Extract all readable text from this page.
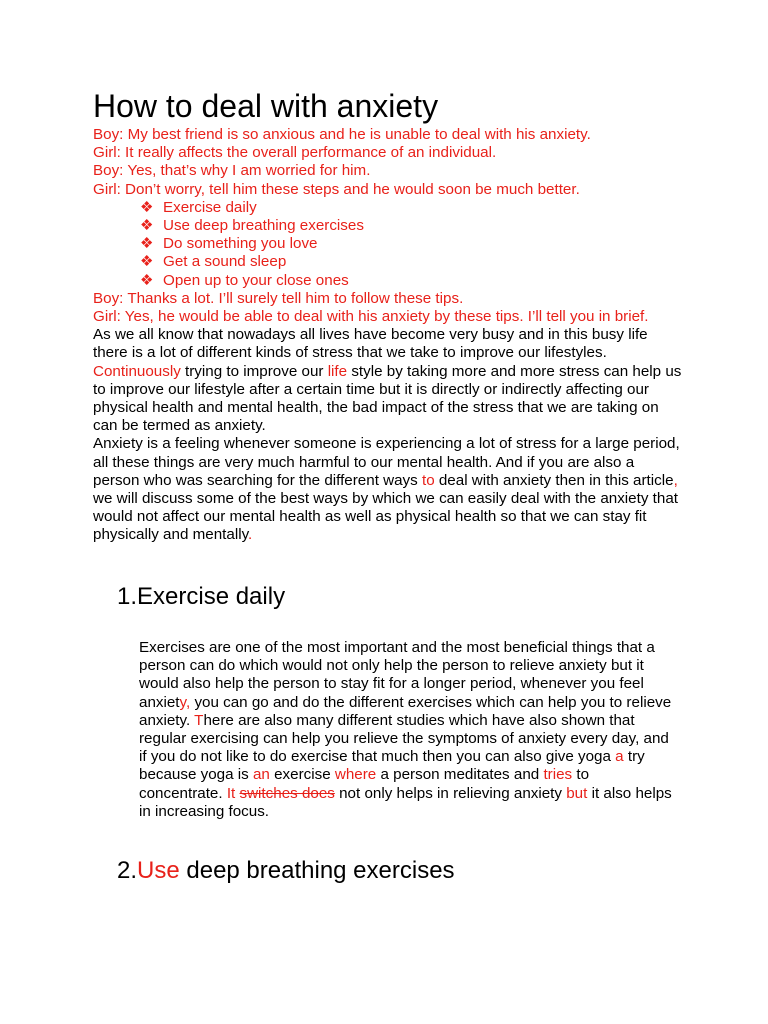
How to deal with anxiety
Boy: My best friend is so anxious and he is unable to deal with his anxiety.
Girl: It really affects the overall performance of an individual.
Boy: Yes, that’s why I am worried for him.
Girl: Don’t worry, tell him these steps and he would soon be much better.
❖ Exercise daily
❖ Use deep breathing exercises
❖ Do something you love
❖ Get a sound sleep
❖ Open up to your close ones
Boy: Thanks a lot. I’ll surely tell him to follow these tips.
Girl: Yes, he would be able to deal with his anxiety by these tips. I’ll tell you in brief.

As we all know that nowadays all lives have become very busy and in this busy life there is a lot of different kinds of stress that we take to improve our lifestyles. Continuously trying to improve our life style by taking more and more stress can help us to improve our lifestyle after a certain time but it is directly or indirectly affecting our physical health and mental health, the bad impact of the stress that we are taking on can be termed as anxiety.

Anxiety is a feeling whenever someone is experiencing a lot of stress for a large period, all these things are very much harmful to our mental health. And if you are also a person who was searching for the different ways to deal with anxiety then in this article, we will discuss some of the best ways by which we can easily deal with the anxiety that would not affect our mental health as well as physical health so that we can stay fit physically and mentally.

1.Exercise daily

Exercises are one of the most important and the most beneficial things that a person can do which would not only help the person to relieve anxiety but it would also help the person to stay fit for a longer period, whenever you feel anxiety, you can go and do the different exercises which can help you to relieve anxiety. There are also many different studies which have also shown that regular exercising can help you relieve the symptoms of anxiety every day, and if you do not like to do exercise that much then you can also give yoga a try because yoga is an exercise where a person meditates and tries to concentrate. It switches does not only helps in relieving anxiety but it also helps in increasing focus.

2.Use deep breathing exercises
